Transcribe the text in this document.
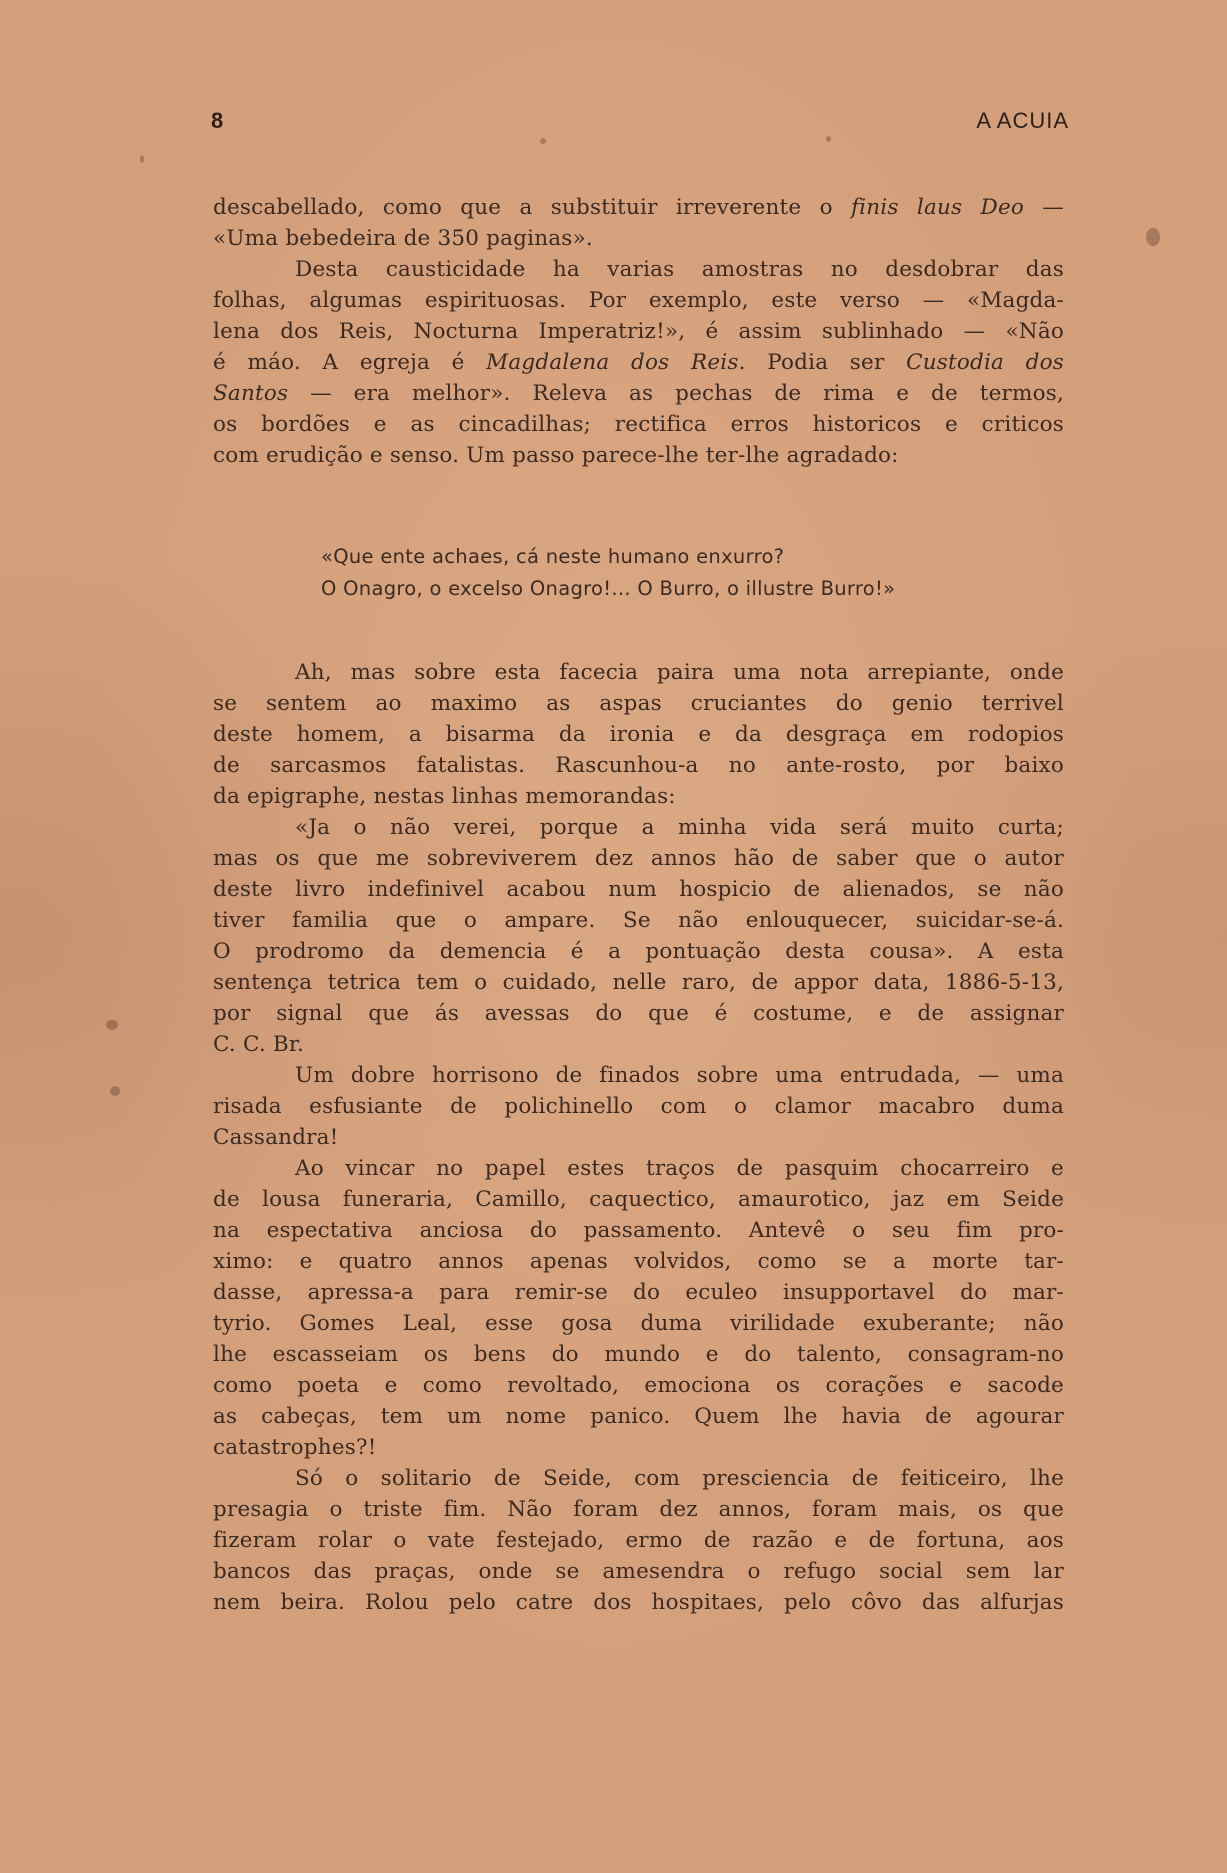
8	A ACUIA
descabellado, como que a substituir irreverente o finis laus Deo —
«Uma bebedeira de 350 paginas».
Desta causticidade ha varias amostras no desdobrar das
folhas, algumas espirituosas. Por exemplo, este verso — «Magda-
lena dos Reis, Nocturna Imperatriz!», é assim sublinhado — «Não
é máo. A egreja é Magdalena dos Reis. Podia ser Custodia dos
Santos — era melhor». Releva as pechas de rima e de termos,
os bordões e as cincadilhas; rectifica erros historicos e criticos
com erudição e senso. Um passo parece-lhe ter-lhe agradado:
«Que ente achaes, cá neste humano enxurro?
O Onagro, o excelso Onagro!... O Burro, o illustre Burro!»
Ah, mas sobre esta facecia paira uma nota arrepiante, onde
se sentem ao maximo as aspas cruciantes do genio terrivel
deste homem, a bisarma da ironia e da desgraça em rodopios
de sarcasmos fatalistas. Rascunhou-a no ante-rosto, por baixo
da epigraphe, nestas linhas memorandas:
«Ja o não verei, porque a minha vida será muito curta;
mas os que me sobreviverem dez annos hão de saber que o autor
deste livro indefinivel acabou num hospicio de alienados, se não
tiver familia que o ampare. Se não enlouquecer, suicidar-se-á.
O prodromo da demencia é a pontuação desta cousa». A esta
sentença tetrica tem o cuidado, nelle raro, de appor data, 1886-5-13,
por signal que ás avessas do que é costume, e de assignar
C. C. Br.
Um dobre horrisono de finados sobre uma entrudada, — uma
risada esfusiante de polichinello com o clamor macabro duma
Cassandra!
Ao vincar no papel estes traços de pasquim chocarreiro e
de lousa funeraria, Camillo, caquectico, amaurotico, jaz em Seide
na espectativa anciosa do passamento. Antevê o seu fim pro-
ximo: e quatro annos apenas volvidos, como se a morte tar-
dasse, apressa-a para remir-se do eculeo insupportavel do mar-
tyrio. Gomes Leal, esse gosa duma virilidade exuberante; não
lhe escasseiam os bens do mundo e do talento, consagram-no
como poeta e como revoltado, emociona os corações e sacode
as cabeças, tem um nome panico. Quem lhe havia de agourar
catastrophes?!
Só o solitario de Seide, com presciencia de feiticeiro, lhe
presagia o triste fim. Não foram dez annos, foram mais, os que
fizeram rolar o vate festejado, ermo de razão e de fortuna, aos
bancos das praças, onde se amesendra o refugo social sem lar
nem beira. Rolou pelo catre dos hospitaes, pelo côvo das alfurjas
